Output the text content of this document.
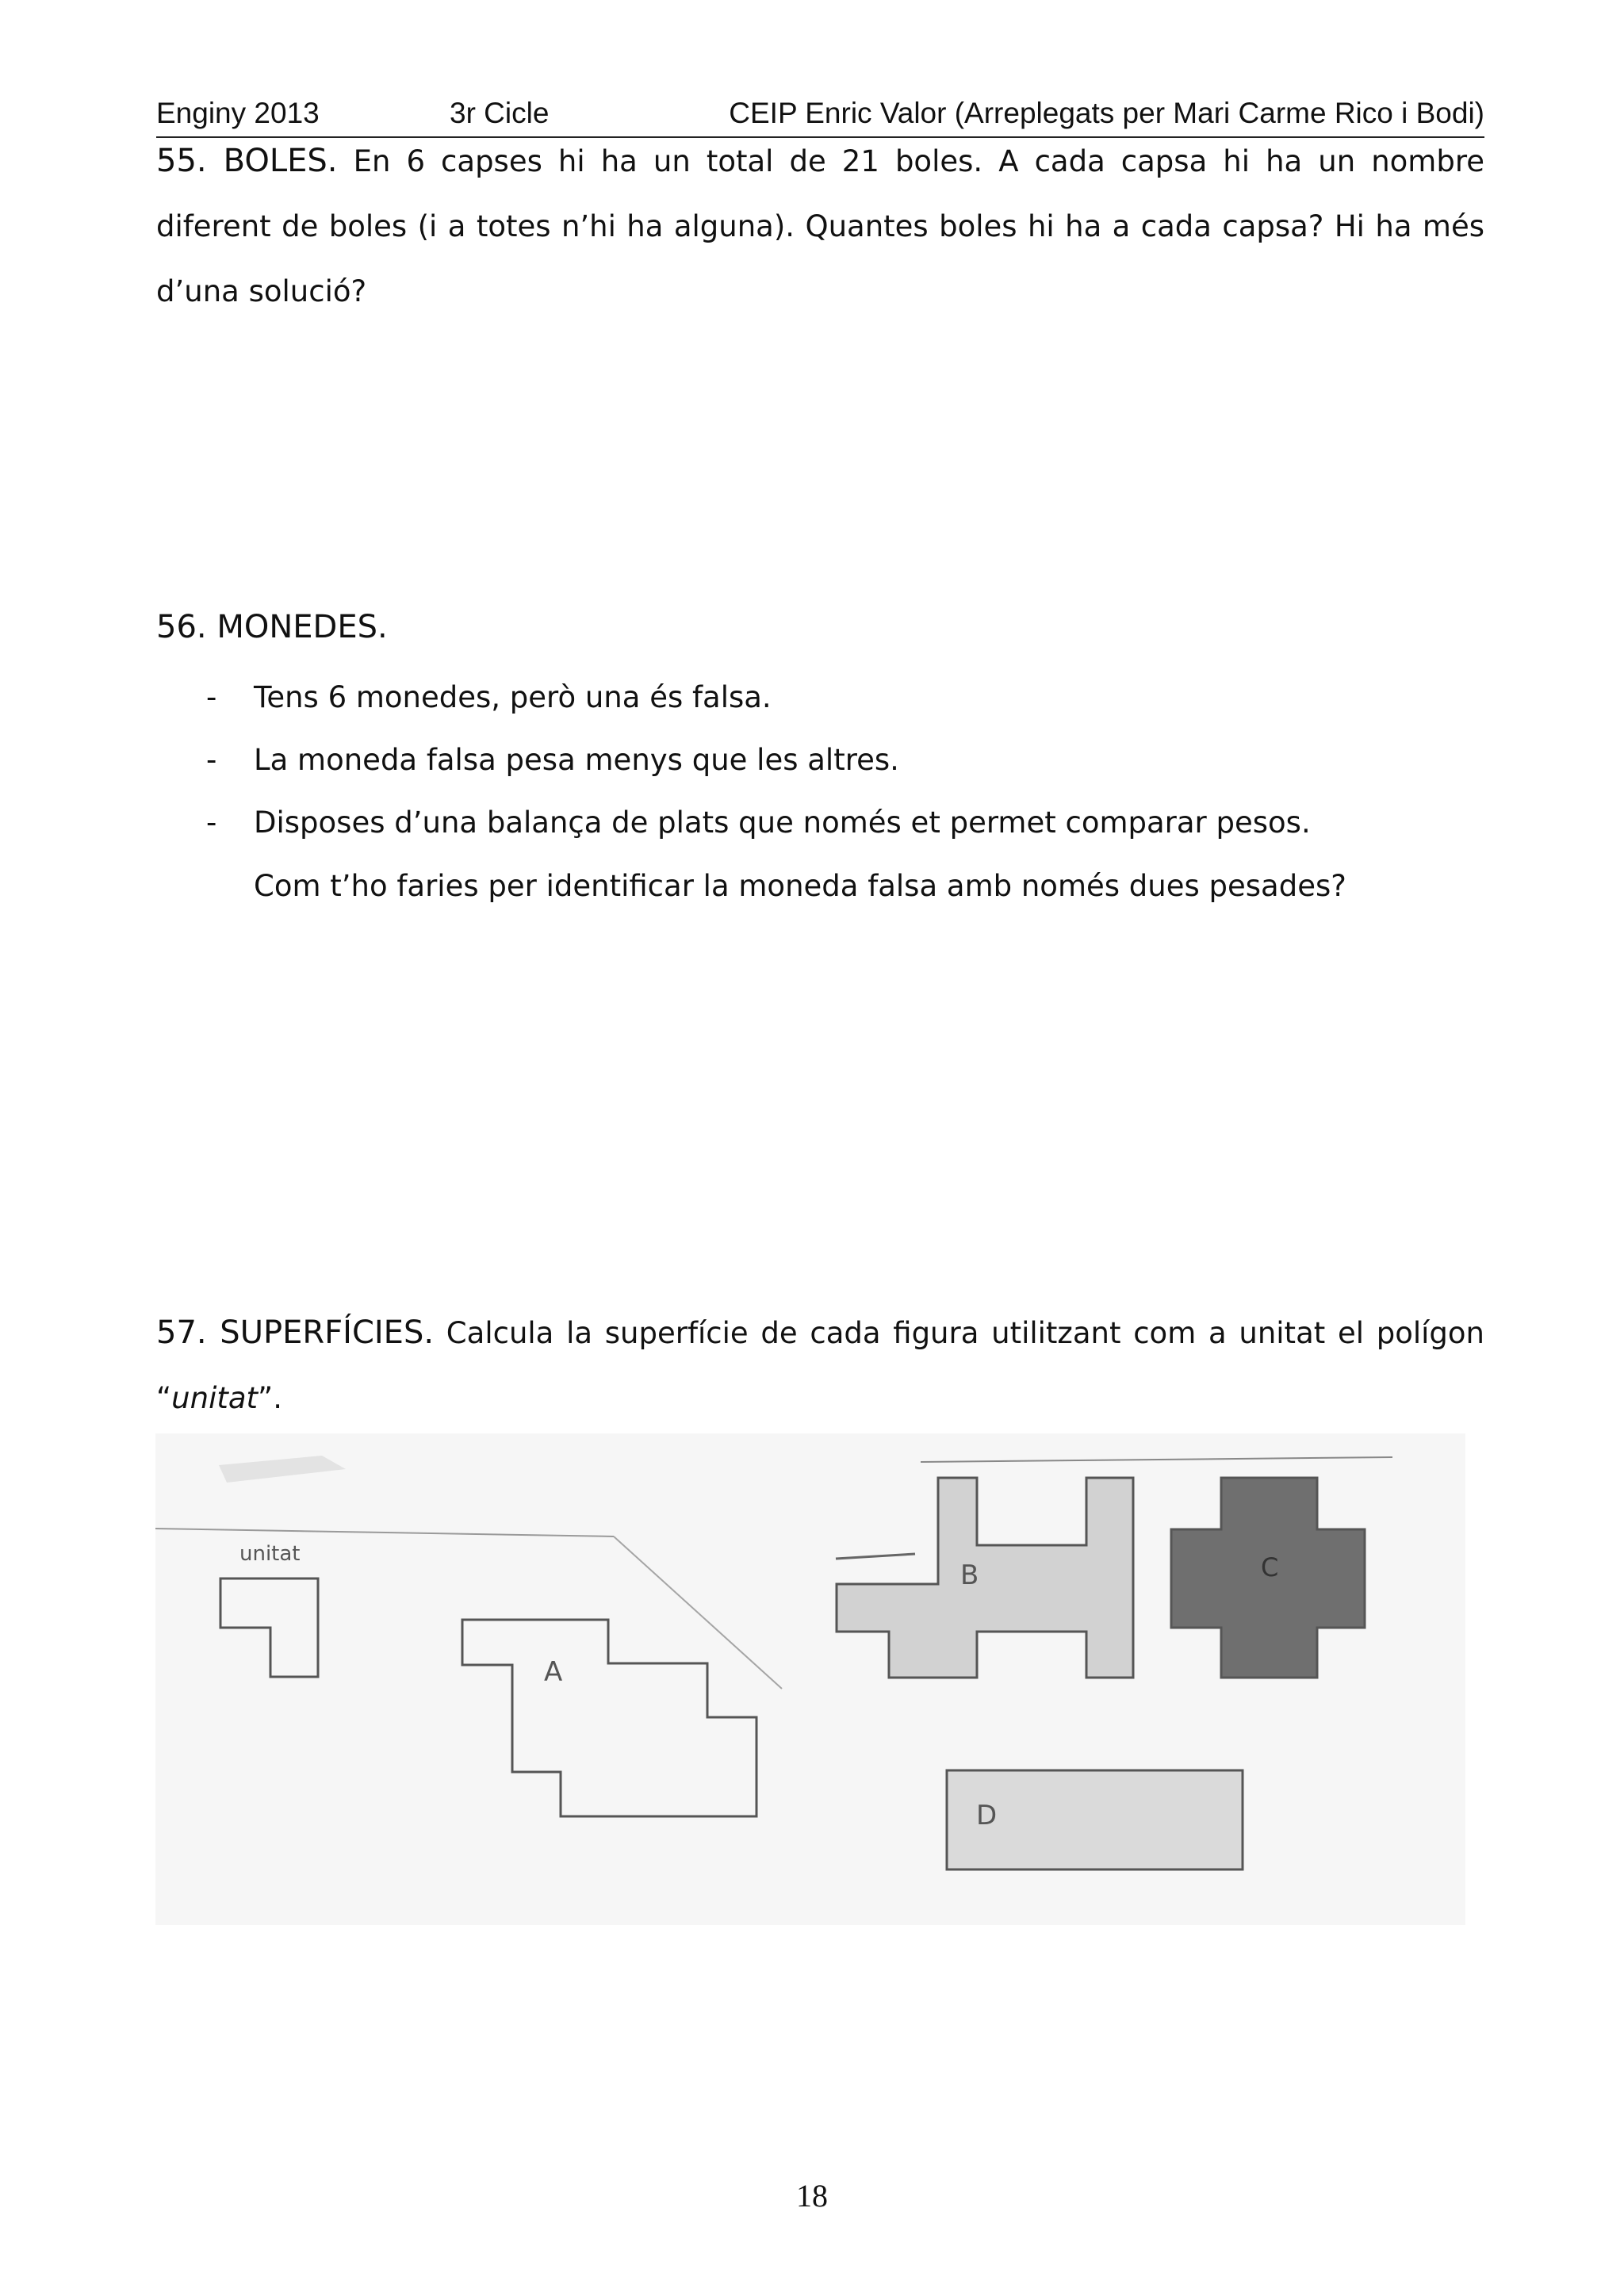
Enginy 2013	3r Cicle	CEIP Enric Valor (Arreplegats per Mari Carme Rico i Bodi)
55. BOLES. En 6 capses hi ha un total de 21 boles. A cada capsa hi ha un nombre diferent de boles (i a totes n’hi ha alguna). Quantes boles hi ha a cada capsa? Hi ha més d’una solució?
56. MONEDES.
- Tens 6 monedes, però una és falsa.
- La moneda falsa pesa menys que les altres.
- Disposes d’una balança de plats que només et permet comparar pesos.
Com t’ho faries per identificar la moneda falsa amb només dues pesades?
57. SUPERFÍCIES. Calcula la superfície de cada figura utilitzant com a unitat el polígon “unitat”.
unitat
A
B	C
D
18
